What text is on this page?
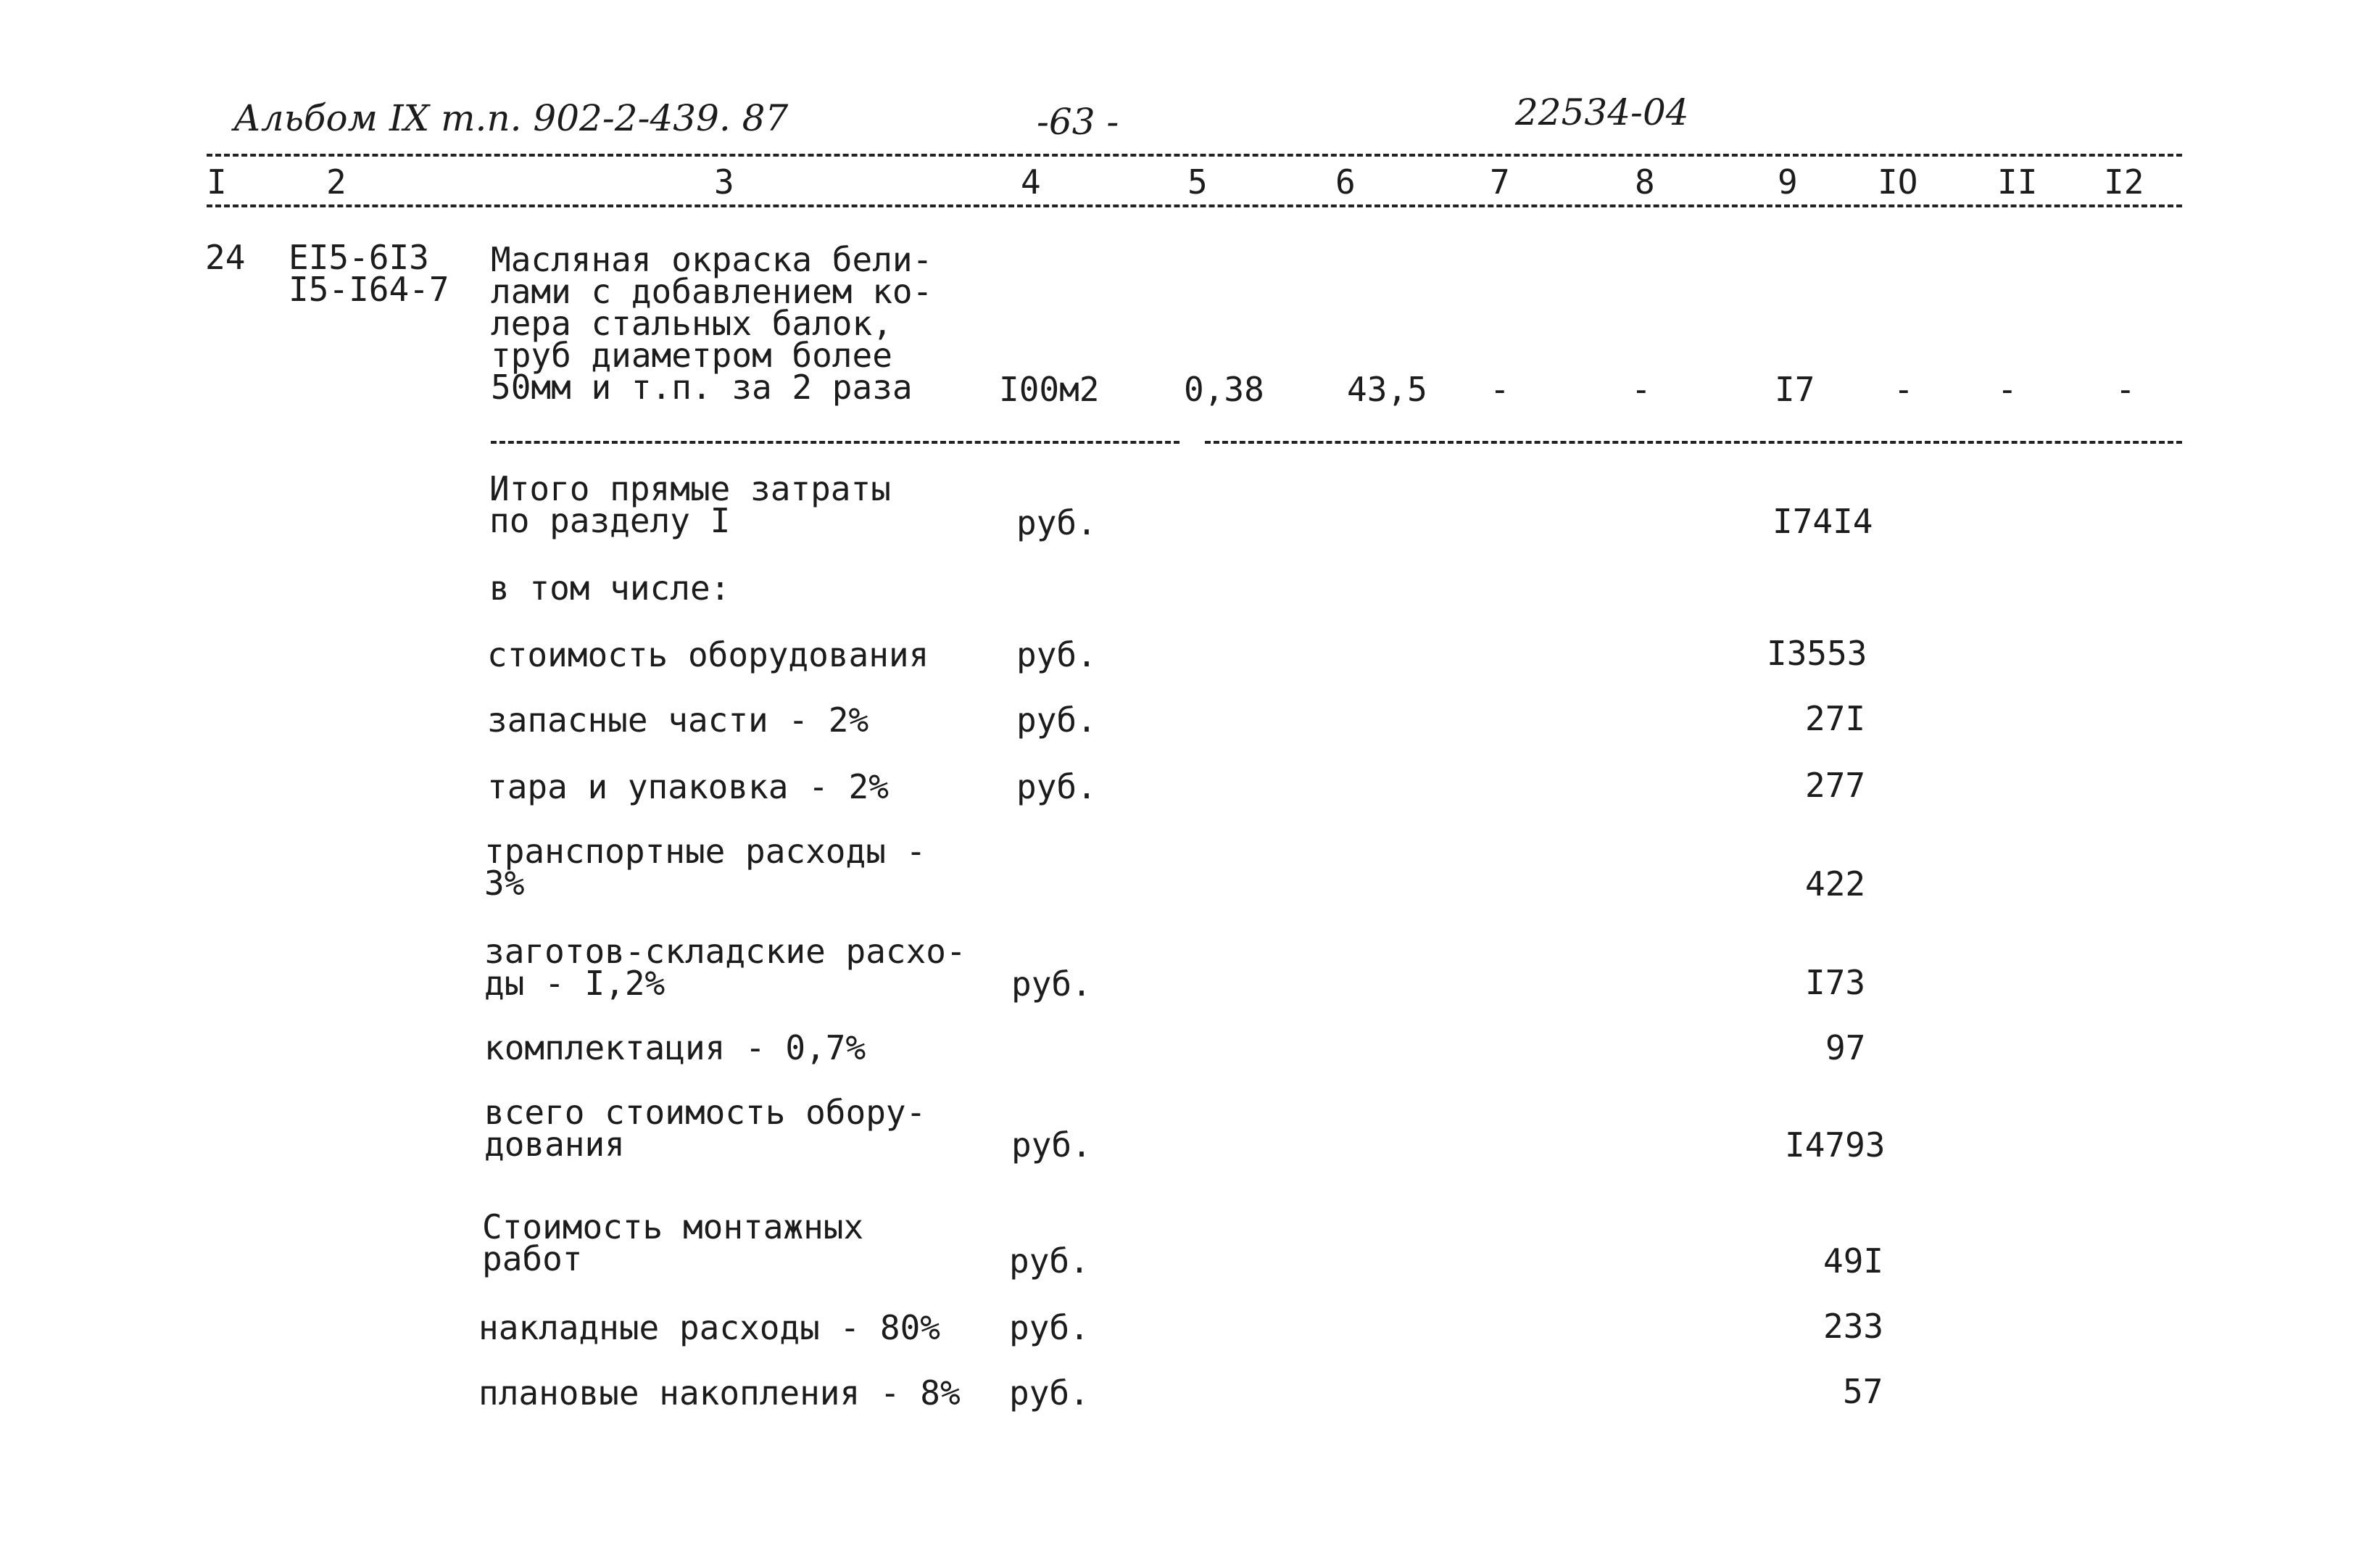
Альбом IX т.п. 902-2-439. 87	-63 -	22534-04
I	2	3	4	5	6	7	8	9 IO II I2
24 EI5-6I3
I5-I64-7
Масляная окраска бели-
лами с добавлением ко-
лера стальных балок,
труб диаметром более
50мм и т.п. за 2 раза	I00м2	0,38 43,5 -	-	I7 -	-	-
Итого прямые затраты
по разделу I	руб.	I74I4
в том числе:
стоимость оборудования	руб.	I3553
запасные части - 2%	руб.	27I
тара и упаковка - 2%	руб.	277
транспортные расходы -
3%	422
заготов-складские расхо-
ды - I,2%	руб.	I73
комплектация - 0,7%	97
всего стоимость обору-
дования	руб.	I4793
Стоимость монтажных
работ	руб.	49I
накладные расходы - 80% руб.	233
плановые накопления - 8% руб.	57
